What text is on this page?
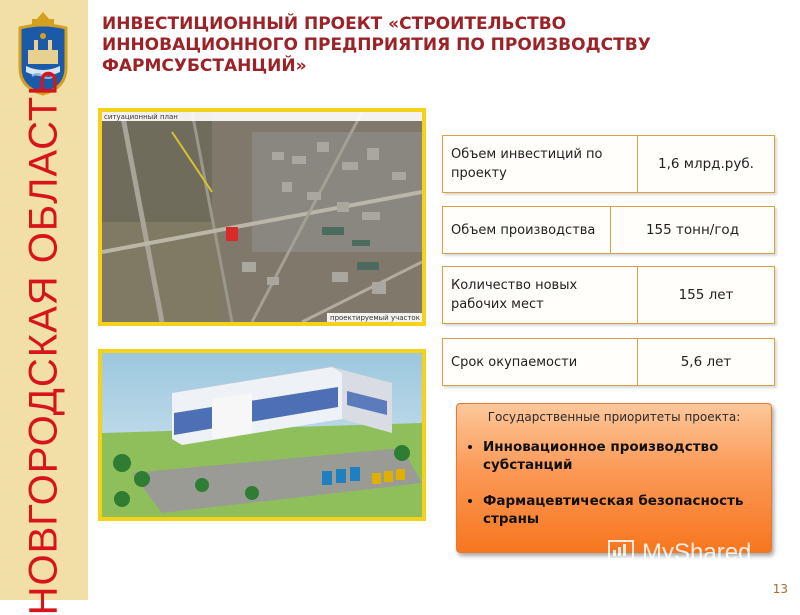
НОВГОРОДСКАЯ ОБЛАСТЬ
ИНВЕСТИЦИОННЫЙ ПРОЕКТ «СТРОИТЕЛЬСТВО
ИННОВАЦИОННОГО ПРЕДПРИЯТИЯ ПО ПРОИЗВОДСТВУ
ФАРМСУБСТАНЦИЙ»
ситуационный план
проектируемый участок
Объем инвестиций по проекту
1,6 млрд.руб.
Объем производства	155 тонн/год
Количество новых рабочих мест
155 лет
Срок окупаемости	5,6 лет
Государственные приоритеты проекта:
• Инновационное производство субстанций
• Фармацевтическая безопасность страны
MyShared
13
